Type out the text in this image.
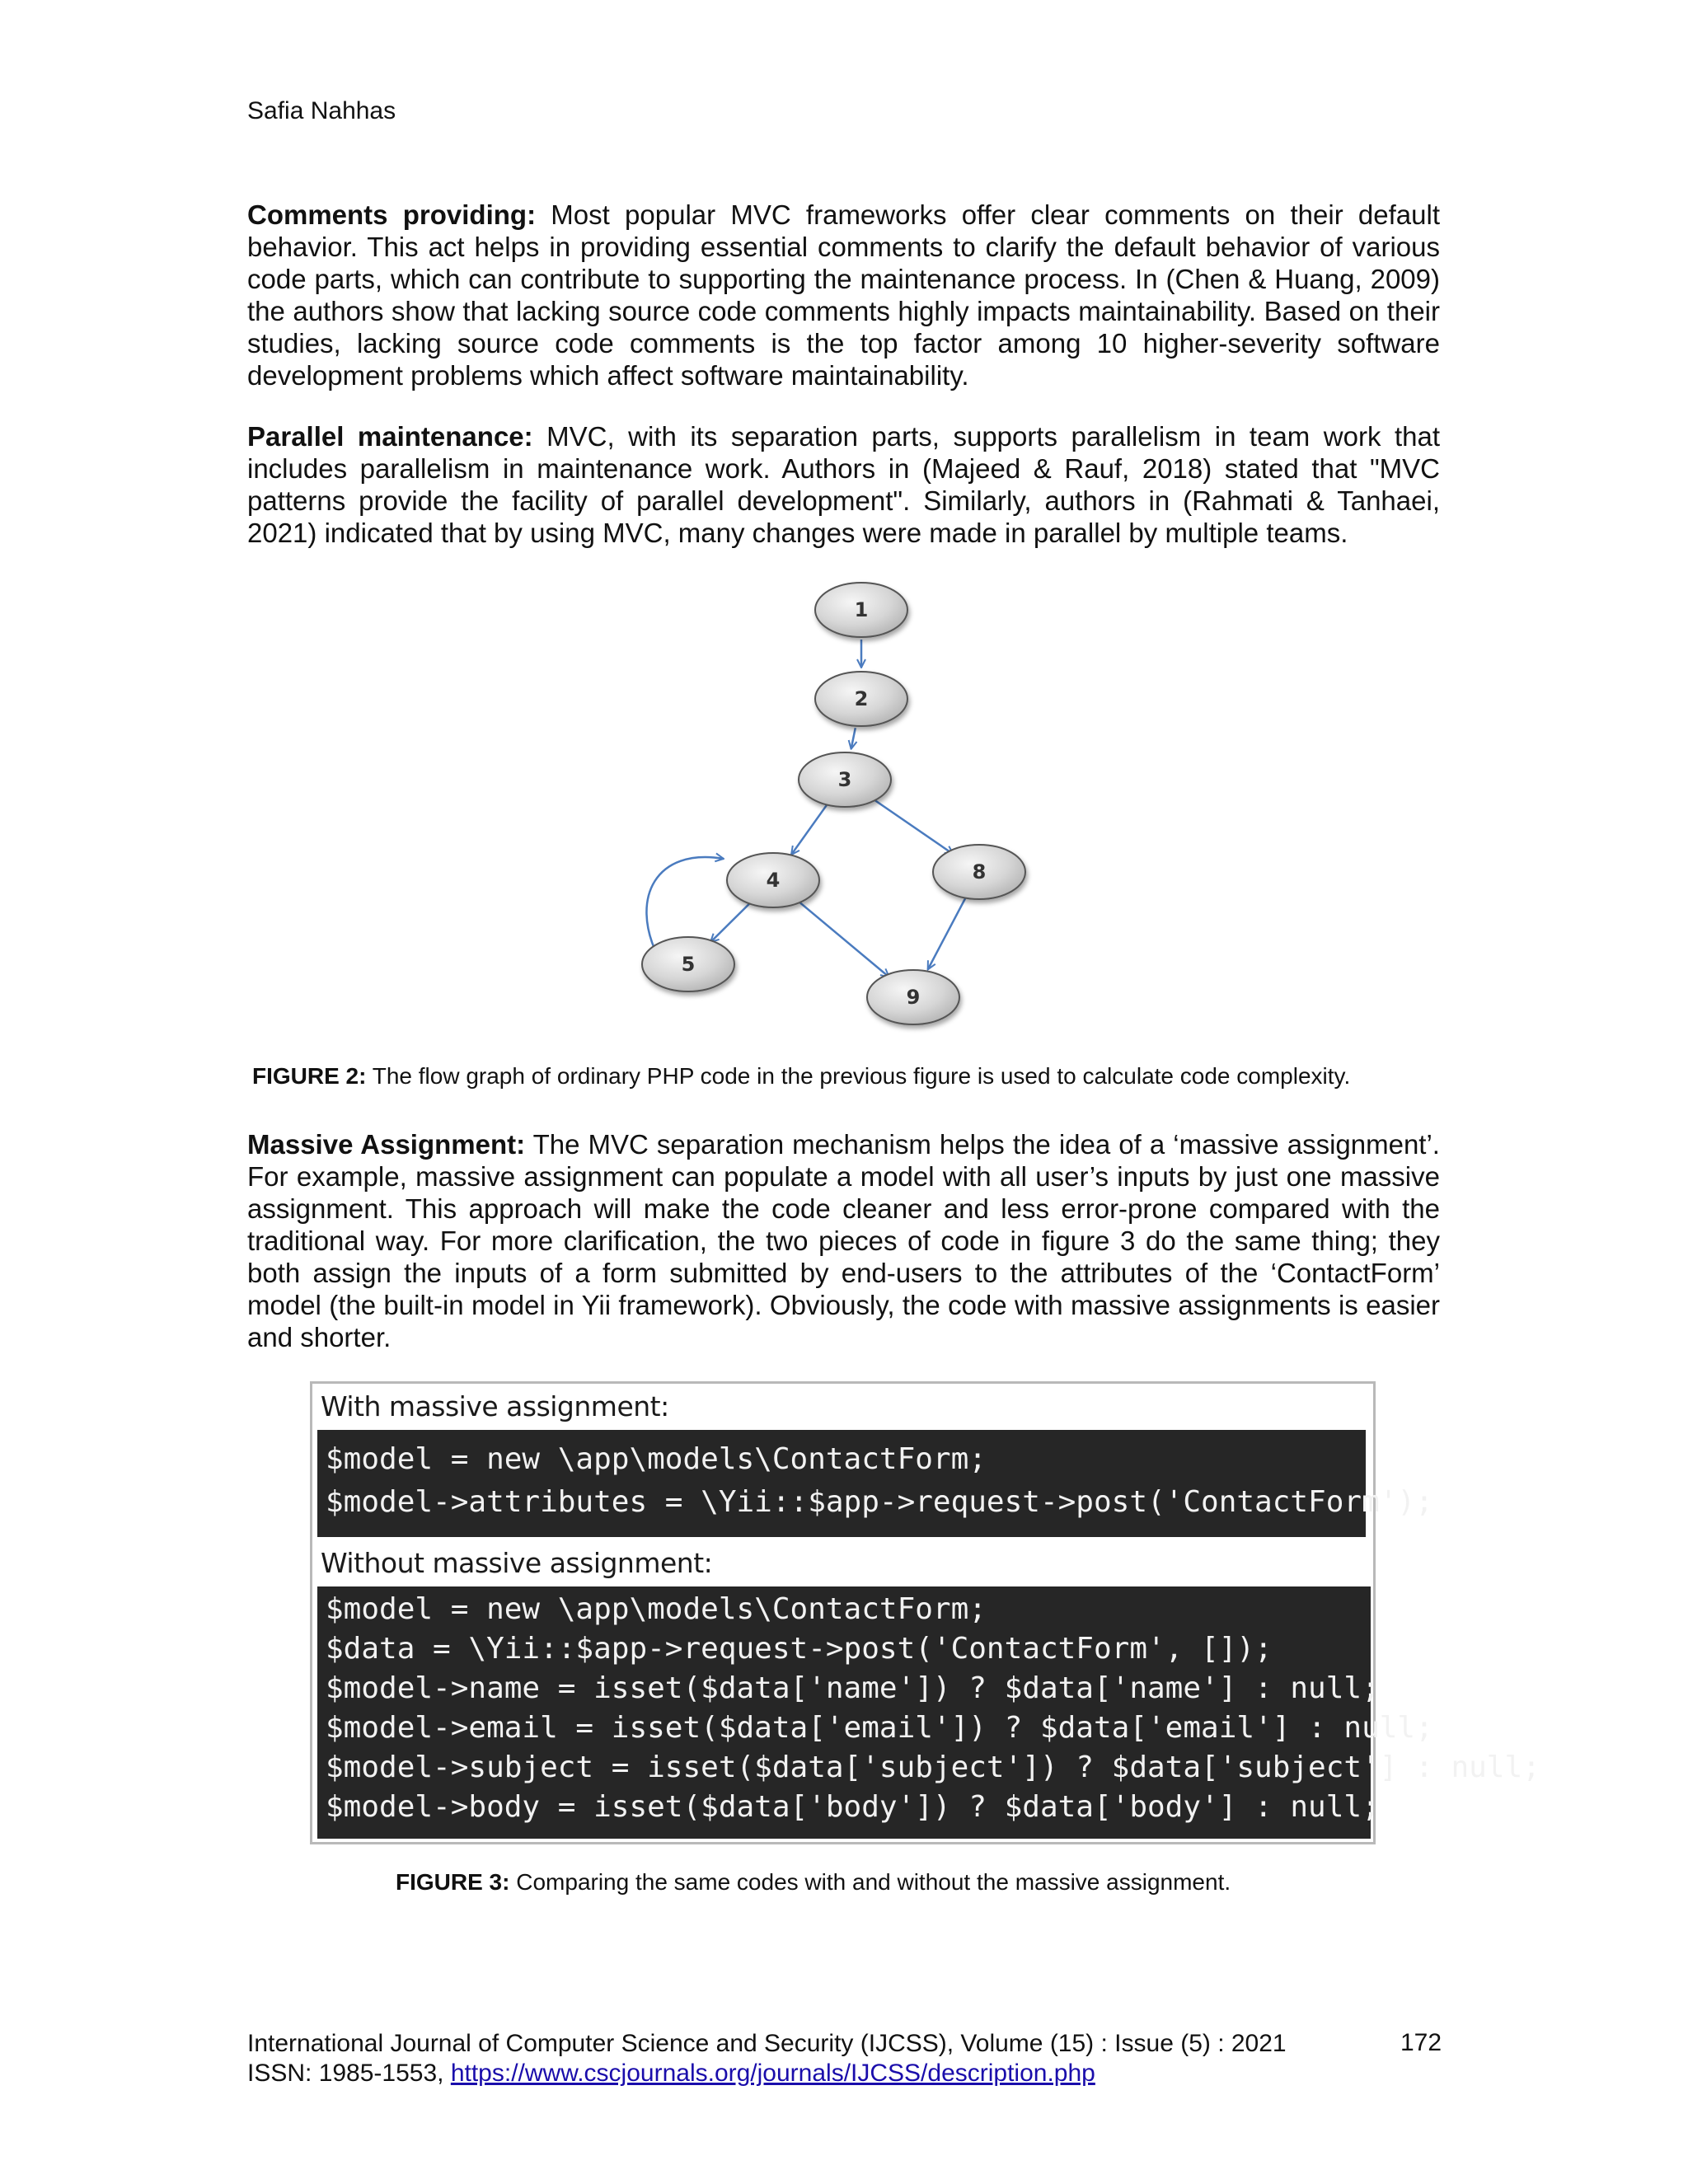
Safia Nahhas

Comments providing: Most popular MVC frameworks offer clear comments on their default behavior. This act helps in providing essential comments to clarify the default behavior of various code parts, which can contribute to supporting the maintenance process. In (Chen & Huang, 2009) the authors show that lacking source code comments highly impacts maintainability. Based on their studies, lacking source code comments is the top factor among 10 higher-severity software development problems which affect software maintainability.

Parallel maintenance: MVC, with its separation parts, supports parallelism in team work that includes parallelism in maintenance work. Authors in (Majeed & Rauf, 2018) stated that "MVC patterns provide the facility of parallel development". Similarly, authors in (Rahmati & Tanhaei, 2021) indicated that by using MVC, many changes were made in parallel by multiple teams.

1
2
3
4
5
8
9
FIGURE 2: The flow graph of ordinary PHP code in the previous figure is used to calculate code complexity.

Massive Assignment: The MVC separation mechanism helps the idea of a ‘massive assignment’. For example, massive assignment can populate a model with all user’s inputs by just one massive assignment. This approach will make the code cleaner and less error-prone compared with the traditional way. For more clarification, the two pieces of code in figure 3 do the same thing; they both assign the inputs of a form submitted by end-users to the attributes of the ‘ContactForm’ model (the built-in model in Yii framework). Obviously, the code with massive assignments is easier and shorter.

With massive assignment:
$model = new \app\models\ContactForm;
$model->attributes = \Yii::$app->request->post('ContactForm');
Without massive assignment:
$model = new \app\models\ContactForm;
$data = \Yii::$app->request->post('ContactForm', []);
$model->name = isset($data['name']) ? $data['name'] : null;
$model->email = isset($data['email']) ? $data['email'] : null;
$model->subject = isset($data['subject']) ? $data['subject'] : null;
$model->body = isset($data['body']) ? $data['body'] : null;
FIGURE 3: Comparing the same codes with and without the massive assignment.
International Journal of Computer Science and Security (IJCSS), Volume (15) : Issue (5) : 2021
ISSN: 1985-1553, https://www.cscjournals.org/journals/IJCSS/description.php
172
